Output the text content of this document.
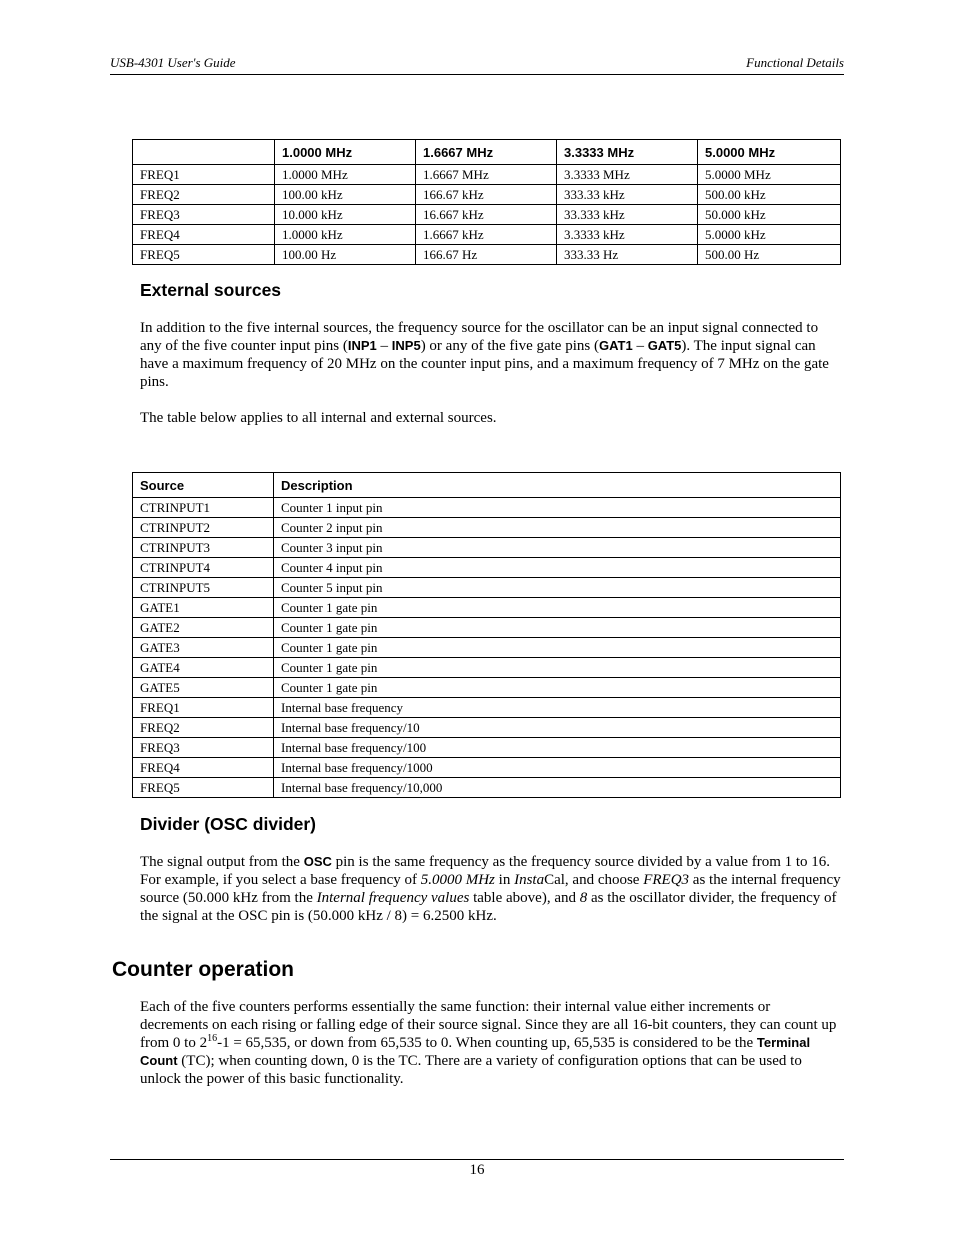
USB-4301 User's Guide	Functional Details
	1.0000 MHz	1.6667 MHz	3.3333 MHz	5.0000 MHz
FREQ1	1.0000 MHz	1.6667 MHz	3.3333 MHz	5.0000 MHz
FREQ2	100.00 kHz	166.67 kHz	333.33 kHz	500.00 kHz
FREQ3	10.000 kHz	16.667 kHz	33.333 kHz	50.000 kHz
FREQ4	1.0000 kHz	1.6667 kHz	3.3333 kHz	5.0000 kHz
FREQ5	100.00 Hz	166.67 Hz	333.33 Hz	500.00 Hz
External sources
In addition to the five internal sources, the frequency source for the oscillator can be an input signal connected to any of the five counter input pins (INP1 – INP5) or any of the five gate pins (GAT1 – GAT5). The input signal can have a maximum frequency of 20 MHz on the counter input pins, and a maximum frequency of 7 MHz on the gate pins.
The table below applies to all internal and external sources.
Source	Description
CTRINPUT1	Counter 1 input pin
CTRINPUT2	Counter 2 input pin
CTRINPUT3	Counter 3 input pin
CTRINPUT4	Counter 4 input pin
CTRINPUT5	Counter 5 input pin
GATE1	Counter 1 gate pin
GATE2	Counter 1 gate pin
GATE3	Counter 1 gate pin
GATE4	Counter 1 gate pin
GATE5	Counter 1 gate pin
FREQ1	Internal base frequency
FREQ2	Internal base frequency/10
FREQ3	Internal base frequency/100
FREQ4	Internal base frequency/1000
FREQ5	Internal base frequency/10,000
Divider (OSC divider)
The signal output from the OSC pin is the same frequency as the frequency source divided by a value from 1 to 16. For example, if you select a base frequency of 5.0000 MHz in InstaCal, and choose FREQ3 as the internal frequency source (50.000 kHz from the Internal frequency values table above), and 8 as the oscillator divider, the frequency of the signal at the OSC pin is (50.000 kHz / 8) = 6.2500 kHz.
Counter operation
Each of the five counters performs essentially the same function: their internal value either increments or decrements on each rising or falling edge of their source signal. Since they are all 16-bit counters, they can count up from 0 to $2^{16}-1 = 65,535$, or down from 65,535 to 0. When counting up, 65,535 is considered to be the Terminal Count (TC); when counting down, 0 is the TC. There are a variety of configuration options that can be used to unlock the power of this basic functionality.
16
